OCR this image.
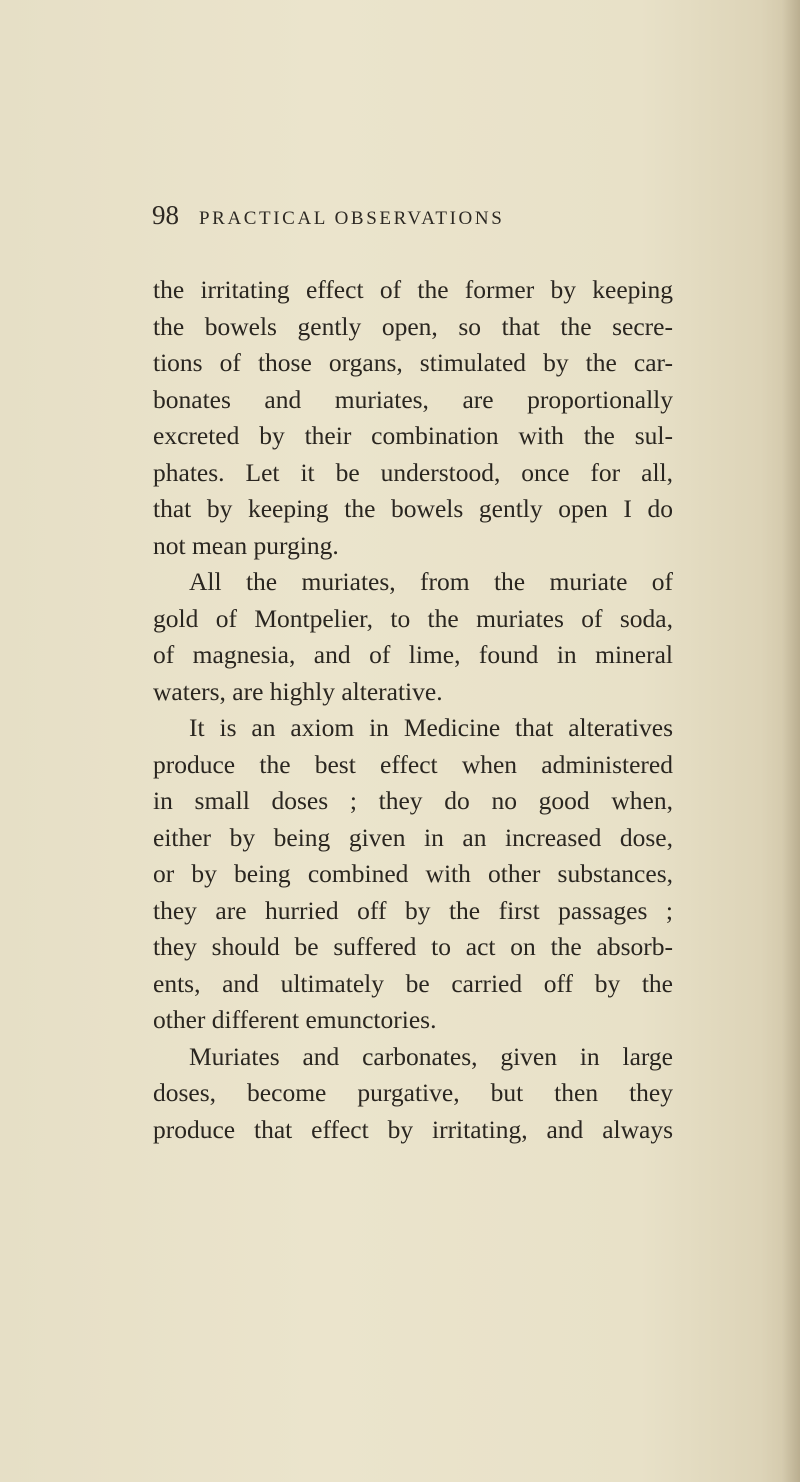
98 PRACTICAL OBSERVATIONS
the irritating effect of the former by keeping
the bowels gently open, so that the secre-
tions of those organs, stimulated by the car-
bonates and muriates, are proportionally
excreted by their combination with the sul-
phates. Let it be understood, once for all,
that by keeping the bowels gently open I do
not mean purging.
All the muriates, from the muriate of
gold of Montpelier, to the muriates of soda,
of magnesia, and of lime, found in mineral
waters, are highly alterative.
It is an axiom in Medicine that alteratives
produce the best effect when administered
in small doses ; they do no good when,
either by being given in an increased dose,
or by being combined with other substances,
they are hurried off by the first passages ;
they should be suffered to act on the absorb-
ents, and ultimately be carried off by the
other different emunctories.
Muriates and carbonates, given in large
doses, become purgative, but then they
produce that effect by irritating, and always
